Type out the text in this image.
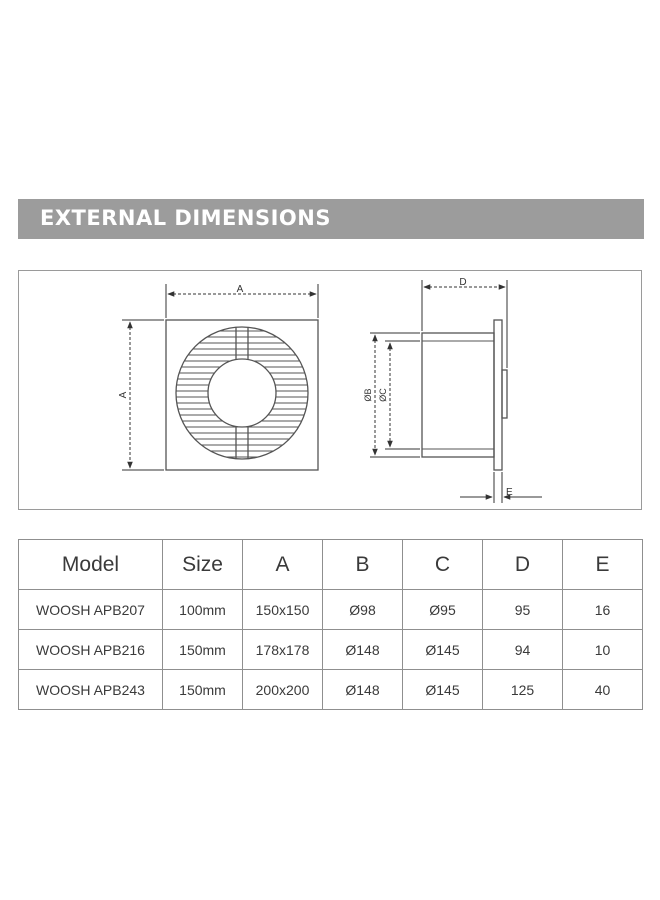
EXTERNAL DIMENSIONS
A
A
D
ØB ØC
E
Model	Size	A	B	C	D	E
WOOSH APB207	100mm	150x150	Ø98	Ø95	95	16
WOOSH APB216	150mm	178x178	Ø148	Ø145	94	10
WOOSH APB243	150mm	200x200	Ø148	Ø145	125	40
